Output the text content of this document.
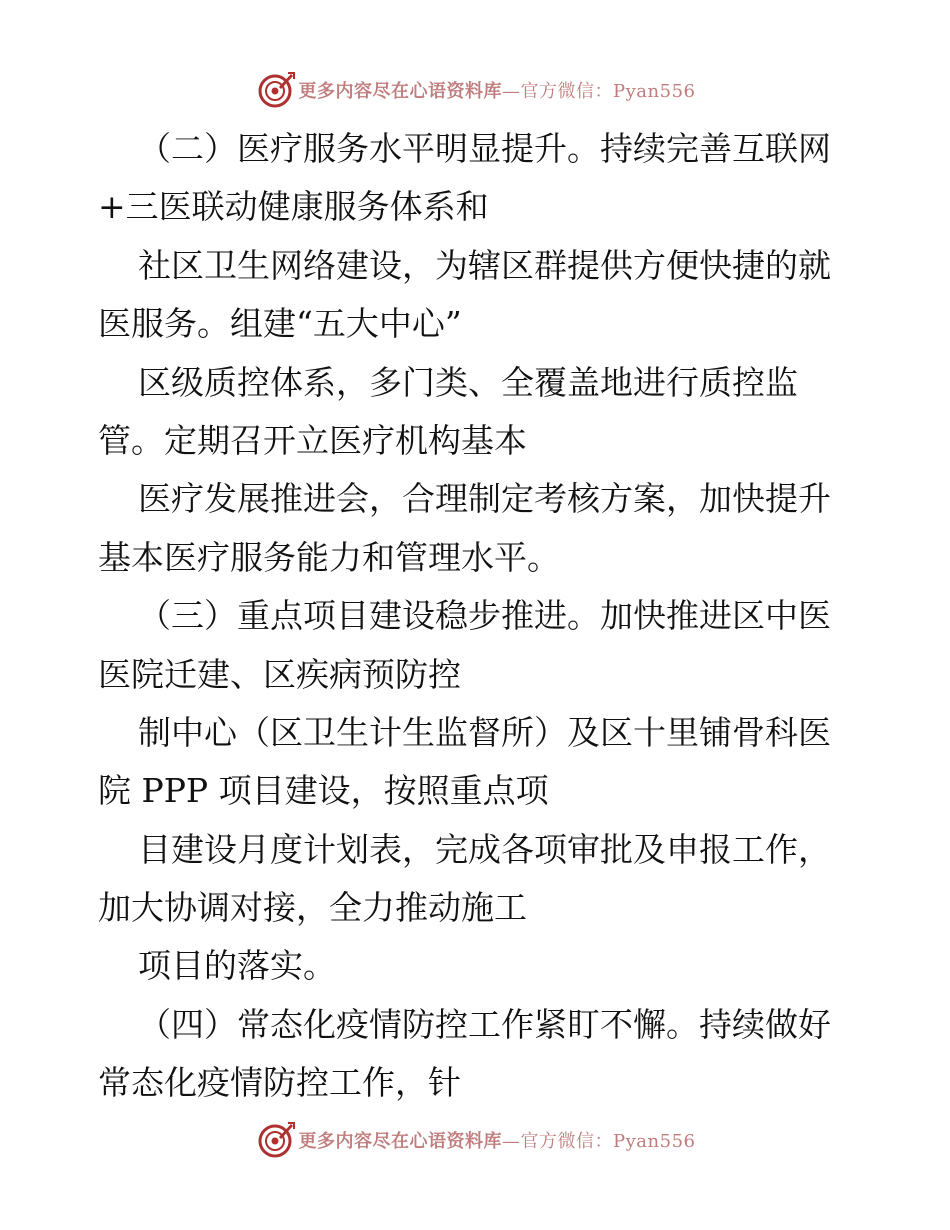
更多内容尽在心语资料库—官方微信：Pyan556
（二）医疗服务水平明显提升。持续完善互联网
+三医联动健康服务体系和
社区卫生网络建设，为辖区群提供方便快捷的就
医服务。组建“五大中心”
区级质控体系，多门类、全覆盖地进行质控监
管。定期召开立医疗机构基本
医疗发展推进会，合理制定考核方案，加快提升
基本医疗服务能力和管理水平。
（三）重点项目建设稳步推进。加快推进区中医
医院迁建、区疾病预防控
制中心（区卫生计生监督所）及区十里铺骨科医
院 PPP 项目建设，按照重点项
目建设月度计划表，完成各项审批及申报工作，
加大协调对接，全力推动施工
项目的落实。
（四）常态化疫情防控工作紧盯不懈。持续做好
常态化疫情防控工作，针
更多内容尽在心语资料库—官方微信：Pyan556
